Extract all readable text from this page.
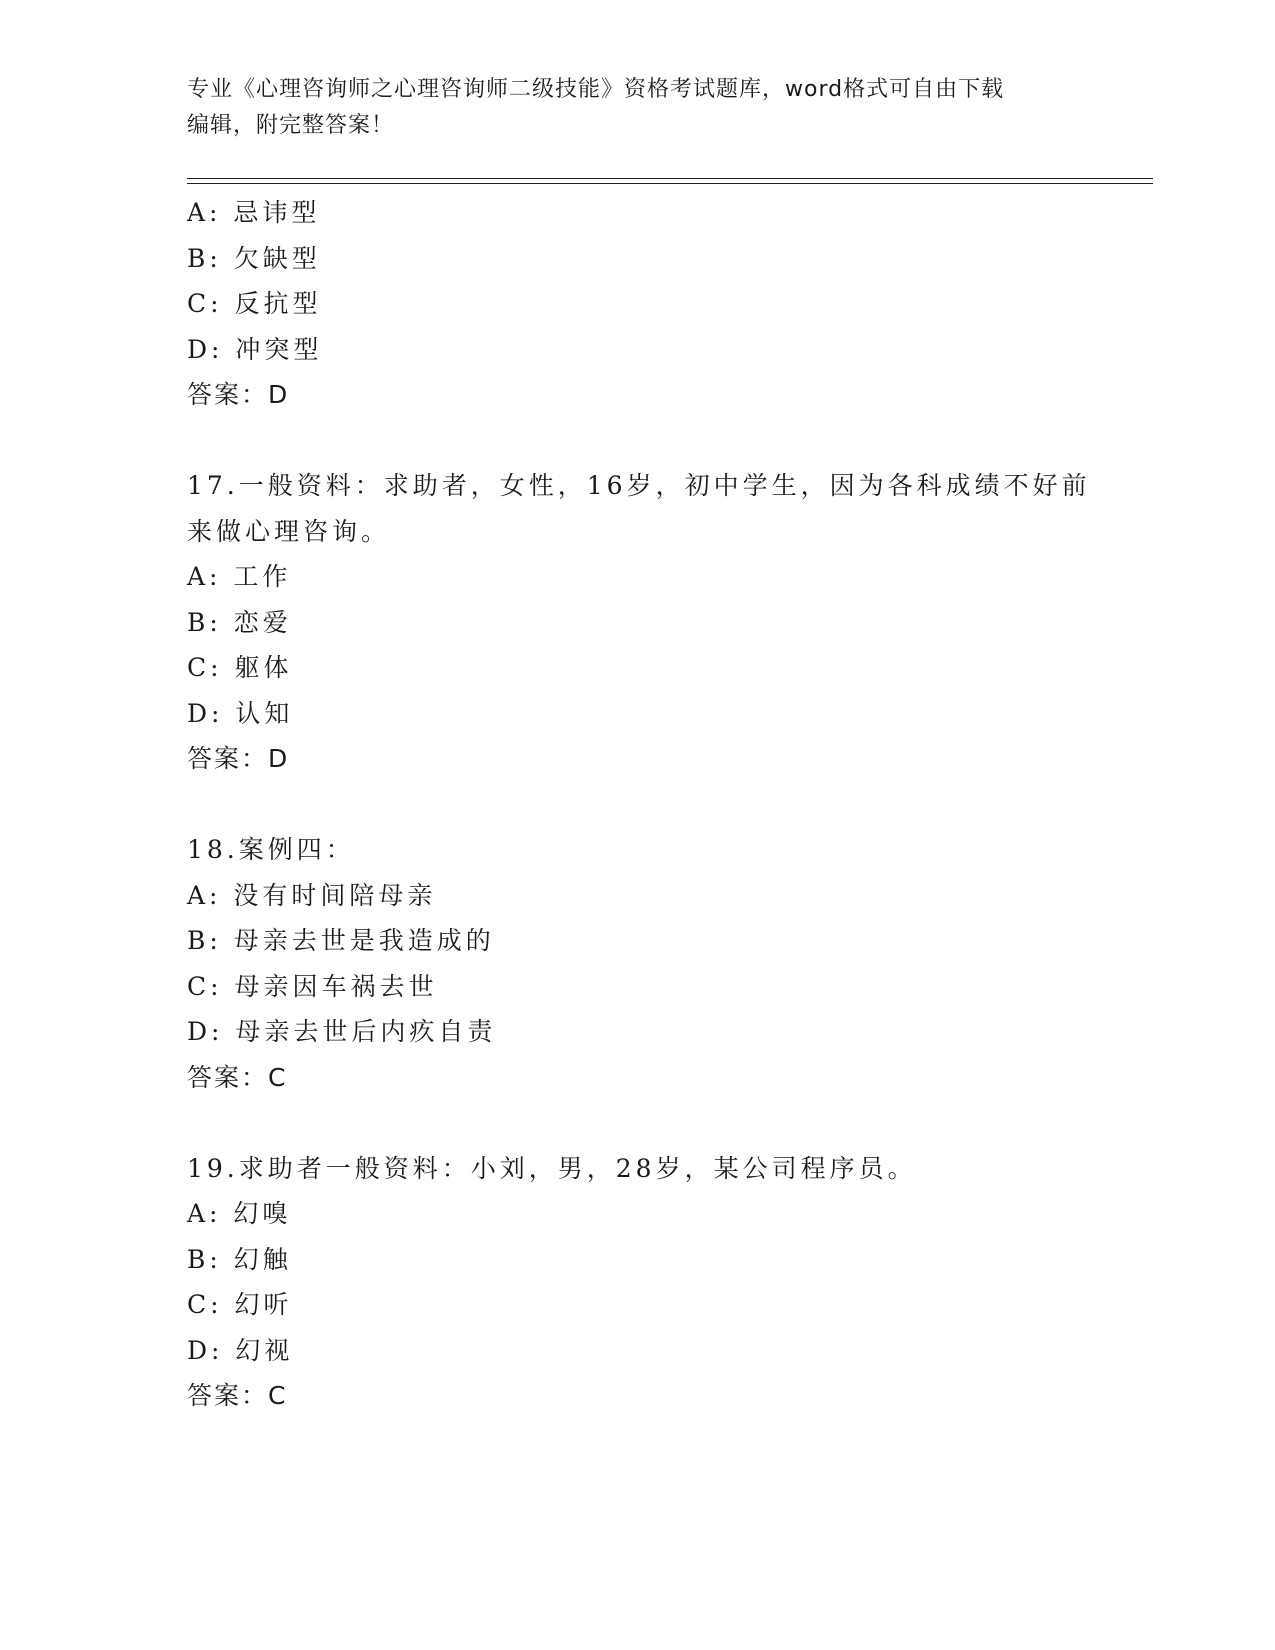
专业《心理咨询师之心理咨询师二级技能》资格考试题库，word格式可自由下载
编辑，附完整答案！
A: 忌讳型
B: 欠缺型
C: 反抗型
D: 冲突型
答案：D
17.一般资料：求助者，女性，16岁，初中学生，因为各科成绩不好前
来做心理咨询。
A: 工作
B: 恋爱
C: 躯体
D: 认知
答案：D
18.案例四：
A: 没有时间陪母亲
B: 母亲去世是我造成的
C: 母亲因车祸去世
D: 母亲去世后内疚自责
答案：C
19.求助者一般资料：小刘，男，28岁，某公司程序员。
A: 幻嗅
B: 幻触
C: 幻听
D: 幻视
答案：C
